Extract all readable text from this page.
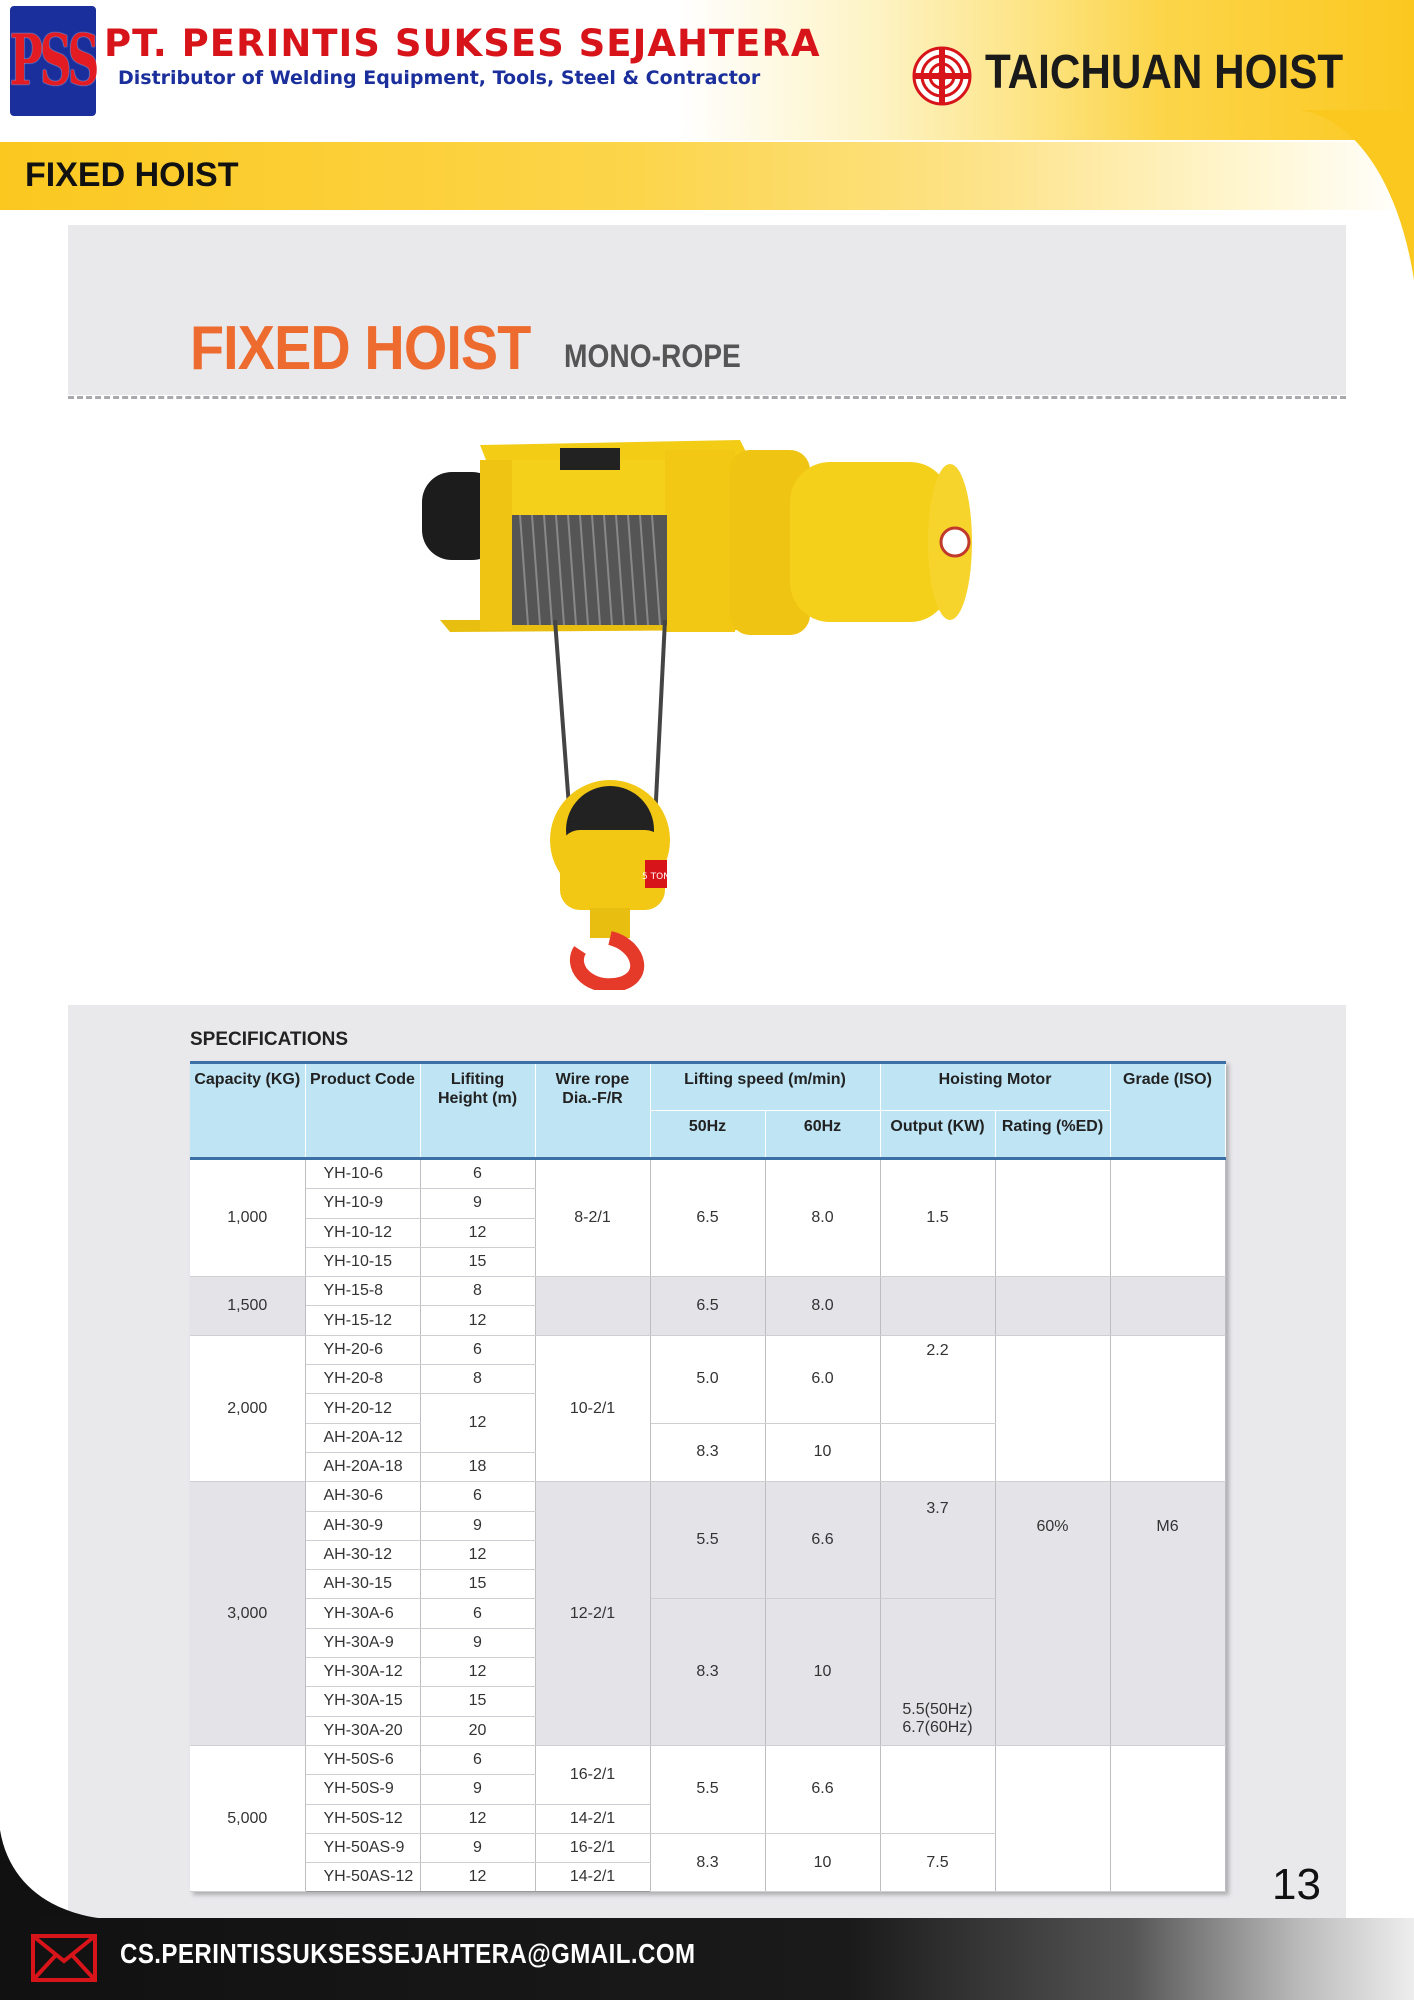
PSS PT. PERINTIS SUKSES SEJAHTERA
Distributor of Welding Equipment, Tools, Steel & Contractor	TAICHUAN HOIST
FIXED HOIST
FIXED HOIST MONO-ROPE
5 TON
SPECIFICATIONS
Capacity (KG)	Product Code	Lifiting Height (m)	Wire rope Dia.-F/R	Lifting speed (m/min)		Hoisting Motor		Grade (ISO)
				50Hz	60Hz	Output (KW)	Rating (%ED)	
1,000	YH-10-6	6	8-2/1	6.5	8.0	1.5		
	YH-10-9	9						
	YH-10-12	12						
	YH-10-15	15						
1,500	YH-15-8	8		6.5	8.0			
	YH-15-12	12						
2,000	YH-20-6	6	10-2/1	5.0	6.0	2.2		
	YH-20-8	8						
	YH-20-12	12						
	AH-20A-12			8.3	10			
	AH-20A-18	18						
3,000	AH-30-6	6	12-2/1	5.5	6.6	3.7	60%	M6
	AH-30-9	9						
	AH-30-12	12						
	AH-30-15	15						
	YH-30A-6	6		8.3	10	5.5(50Hz) 6.7(60Hz)		
	YH-30A-9	9						
	YH-30A-12	12						
	YH-30A-15	15						
	YH-30A-20	20						
5,000	YH-50S-6	6	16-2/1	5.5	6.6			
	YH-50S-9	9						
	YH-50S-12	12	14-2/1					
	YH-50AS-9	9	16-2/1	8.3	10	7.5		
	YH-50AS-12	12	14-2/1						13
CS.PERINTISSUKSESSEJAHTERA@GMAIL.COM
